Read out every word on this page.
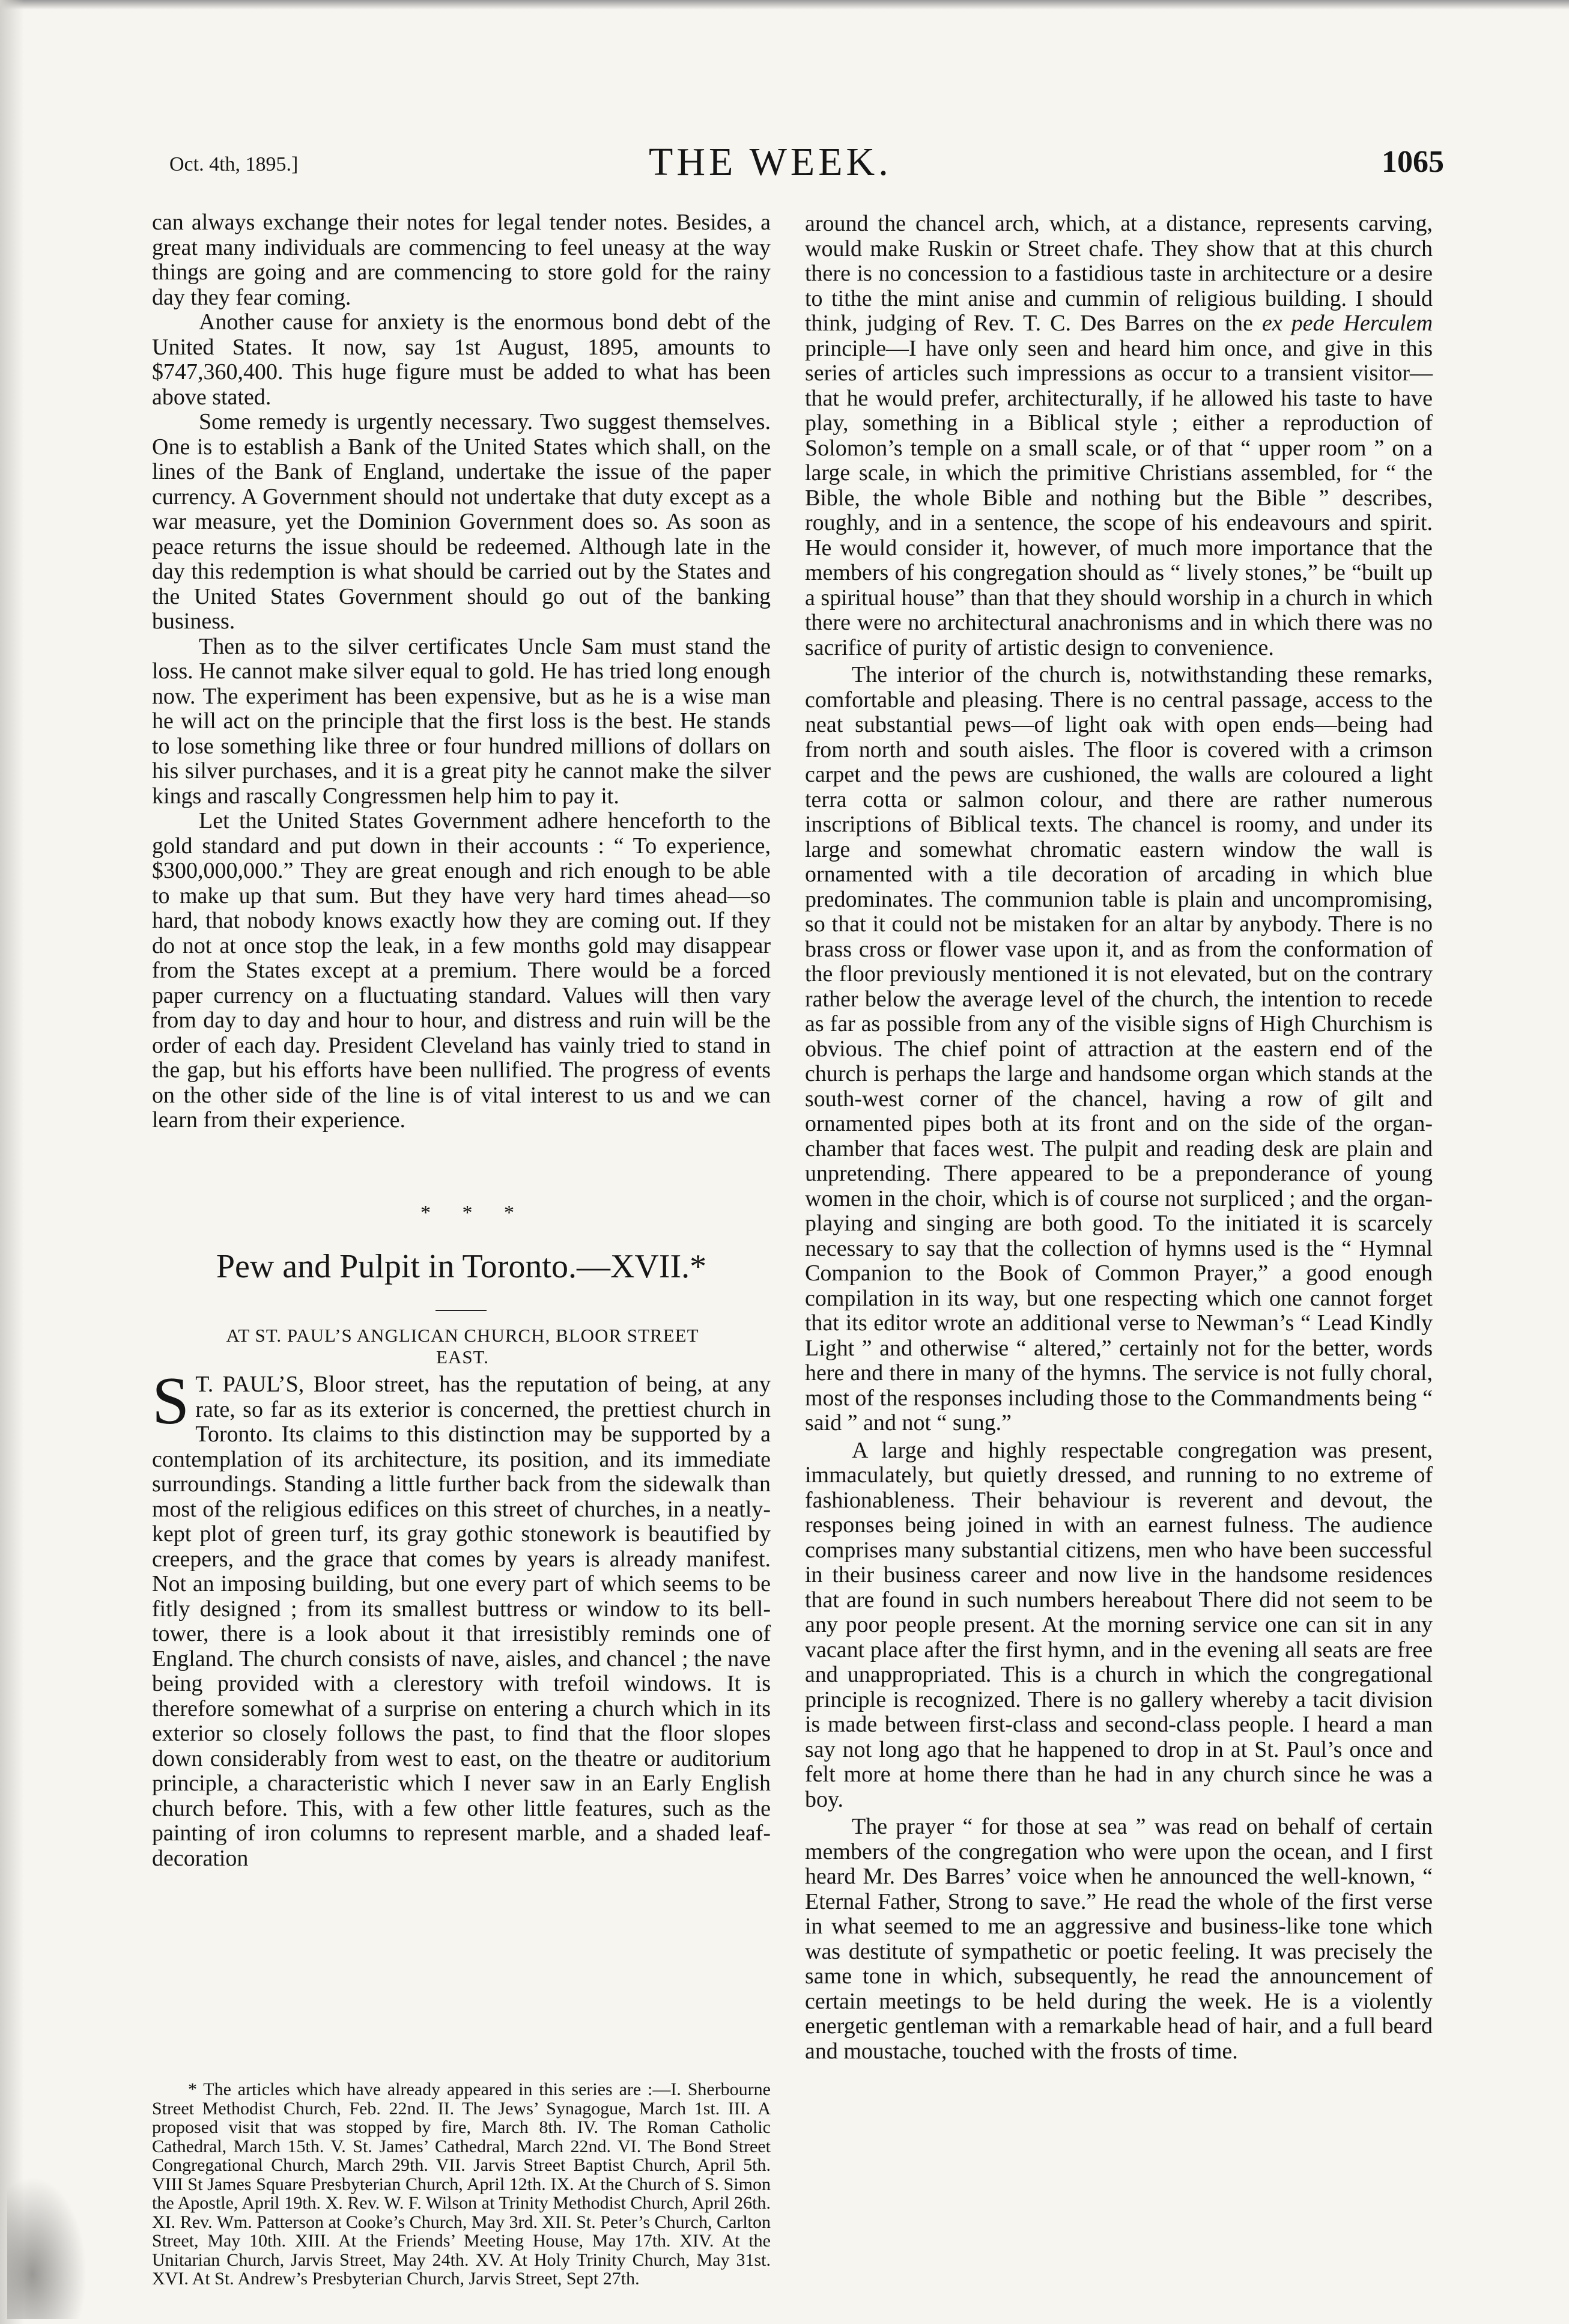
Oct. 4th, 1895.]	THE WEEK.	1065

can always exchange their notes for legal tender notes. Besides, a great many individuals are commencing to feel uneasy at the way things are going and are commencing to store gold for the rainy day they fear coming.

Another cause for anxiety is the enormous bond debt of the United States. It now, say 1st August, 1895, amounts to $747,360,400. This huge figure must be added to what has been above stated.

Some remedy is urgently necessary. Two suggest themselves. One is to establish a Bank of the United States which shall, on the lines of the Bank of England, undertake the issue of the paper currency. A Government should not undertake that duty except as a war measure, yet the Dominion Government does so. As soon as peace returns the issue should be redeemed. Although late in the day this redemption is what should be carried out by the States and the United States Government should go out of the banking business.

Then as to the silver certificates Uncle Sam must stand the loss. He cannot make silver equal to gold. He has tried long enough now. The experiment has been expensive, but as he is a wise man he will act on the principle that the first loss is the best. He stands to lose something like three or four hundred millions of dollars on his silver purchases, and it is a great pity he cannot make the silver kings and rascally Congressmen help him to pay it.

Let the United States Government adhere henceforth to the gold standard and put down in their accounts : “ To experience, $300,000,000.” They are great enough and rich enough to be able to make up that sum. But they have very hard times ahead—so hard, that nobody knows exactly how they are coming out. If they do not at once stop the leak, in a few months gold may disappear from the States except at a premium. There would be a forced paper currency on a fluctuating standard. Values will then vary from day to day and hour to hour, and distress and ruin will be the order of each day. President Cleveland has vainly tried to stand in the gap, but his efforts have been nullified. The progress of events on the other side of the line is of vital interest to us and we can learn from their experience.

* * *
Pew and Pulpit in Toronto.—XVII.*
AT ST. PAUL’S ANGLICAN CHURCH, BLOOR STREET EAST.

S T. PAUL’S, Bloor street, has the reputation of being, at any rate, so far as its exterior is concerned, the prettiest church in Toronto. Its claims to this distinction may be supported by a contemplation of its architecture, its position, and its immediate surroundings. Standing a little further back from the sidewalk than most of the religious edifices on this street of churches, in a neatly-kept plot of green turf, its gray gothic stonework is beautified by creepers, and the grace that comes by years is already manifest. Not an imposing building, but one every part of which seems to be fitly designed ; from its smallest buttress or window to its bell-tower, there is a look about it that irresistibly reminds one of England. The church consists of nave, aisles, and chancel ; the nave being provided with a clerestory with trefoil windows. It is therefore somewhat of a surprise on entering a church which in its exterior so closely follows the past, to find that the floor slopes down considerably from west to east, on the theatre or auditorium principle, a characteristic which I never saw in an Early English church before. This, with a few other little features, such as the painting of iron columns to represent marble, and a shaded leaf-decoration

* The articles which have already appeared in this series are :—I. Sherbourne Street Methodist Church, Feb. 22nd. II. The Jews’ Synagogue, March 1st. III. A proposed visit that was stopped by fire, March 8th. IV. The Roman Catholic Cathedral, March 15th. V. St. James’ Cathedral, March 22nd. VI. The Bond Street Congregational Church, March 29th. VII. Jarvis Street Baptist Church, April 5th. VIII St James Square Presbyterian Church, April 12th. IX. At the Church of S. Simon the Apostle, April 19th. X. Rev. W. F. Wilson at Trinity Methodist Church, April 26th. XI. Rev. Wm. Patterson at Cooke’s Church, May 3rd. XII. St. Peter’s Church, Carlton Street, May 10th. XIII. At the Friends’ Meeting House, May 17th. XIV. At the Unitarian Church, Jarvis Street, May 24th. XV. At Holy Trinity Church, May 31st. XVI. At St. Andrew’s Presbyterian Church, Jarvis Street, Sept 27th.

around the chancel arch, which, at a distance, represents carving, would make Ruskin or Street chafe. They show that at this church there is no concession to a fastidious taste in architecture or a desire to tithe the mint anise and cummin of religious building. I should think, judging of Rev. T. C. Des Barres on the ex pede Herculem principle—I have only seen and heard him once, and give in this series of articles such impressions as occur to a transient visitor—that he would prefer, architecturally, if he allowed his taste to have play, something in a Biblical style ; either a reproduction of Solomon’s temple on a small scale, or of that “ upper room ” on a large scale, in which the primitive Christians assembled, for “ the Bible, the whole Bible and nothing but the Bible ” describes, roughly, and in a sentence, the scope of his endeavours and spirit. He would consider it, however, of much more importance that the members of his congregation should as “ lively stones,” be “built up a spiritual house” than that they should worship in a church in which there were no architectural anachronisms and in which there was no sacrifice of purity of artistic design to convenience.

The interior of the church is, notwithstanding these remarks, comfortable and pleasing. There is no central passage, access to the neat substantial pews—of light oak with open ends—being had from north and south aisles. The floor is covered with a crimson carpet and the pews are cushioned, the walls are coloured a light terra cotta or salmon colour, and there are rather numerous inscriptions of Biblical texts. The chancel is roomy, and under its large and somewhat chromatic eastern window the wall is ornamented with a tile decoration of arcading in which blue predominates. The communion table is plain and uncompromising, so that it could not be mistaken for an altar by anybody. There is no brass cross or flower vase upon it, and as from the conformation of the floor previously mentioned it is not elevated, but on the contrary rather below the average level of the church, the intention to recede as far as possible from any of the visible signs of High Churchism is obvious. The chief point of attraction at the eastern end of the church is perhaps the large and handsome organ which stands at the south-west corner of the chancel, having a row of gilt and ornamented pipes both at its front and on the side of the organ-chamber that faces west. The pulpit and reading desk are plain and unpretending. There appeared to be a preponderance of young women in the choir, which is of course not surpliced ; and the organ-playing and singing are both good. To the initiated it is scarcely necessary to say that the collection of hymns used is the “ Hymnal Companion to the Book of Common Prayer,” a good enough compilation in its way, but one respecting which one cannot forget that its editor wrote an additional verse to Newman’s “ Lead Kindly Light ” and otherwise “ altered,” certainly not for the better, words here and there in many of the hymns. The service is not fully choral, most of the responses including those to the Commandments being “ said ” and not “ sung.”

A large and highly respectable congregation was present, immaculately, but quietly dressed, and running to no extreme of fashionableness. Their behaviour is reverent and devout, the responses being joined in with an earnest fulness. The audience comprises many substantial citizens, men who have been successful in their business career and now live in the handsome residences that are found in such numbers hereabout There did not seem to be any poor people present. At the morning service one can sit in any vacant place after the first hymn, and in the evening all seats are free and unappropriated. This is a church in which the congregational principle is recognized. There is no gallery whereby a tacit division is made between first-class and second-class people. I heard a man say not long ago that he happened to drop in at St. Paul’s once and felt more at home there than he had in any church since he was a boy.

The prayer “ for those at sea ” was read on behalf of certain members of the congregation who were upon the ocean, and I first heard Mr. Des Barres’ voice when he announced the well-known, “ Eternal Father, Strong to save.” He read the whole of the first verse in what seemed to me an aggressive and business-like tone which was destitute of sympathetic or poetic feeling. It was precisely the same tone in which, subsequently, he read the announcement of certain meetings to be held during the week. He is a violently energetic gentleman with a remarkable head of hair, and a full beard and moustache, touched with the frosts of time.
